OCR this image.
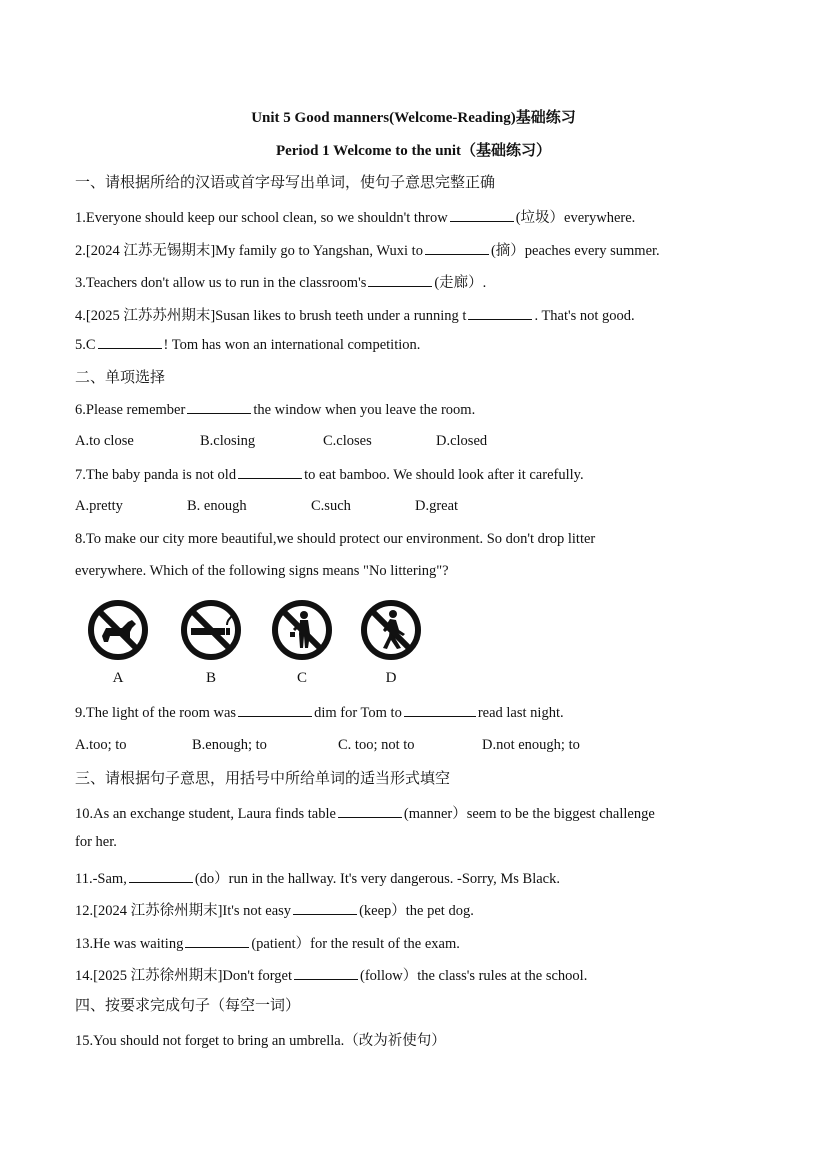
Unit 5 Good manners(Welcome-Reading)基础练习
Period 1 Welcome to the unit（基础练习）
一、请根据所给的汉语或首字母写出单词，使句子意思完整正确
1.Everyone should keep our school clean, so we shouldn't throw	(垃圾）everywhere.
2.[2024 江苏无锡期末]My family go to Yangshan, Wuxi to	(摘）peaches every summer.
3.Teachers don't allow us to run in the classroom's	(走廊）.
4.[2025 江苏苏州期末]Susan likes to brush teeth under a running t	. That's not good.
5.C	! Tom has won an international competition.
二、单项选择
6.Please remember	the window when you leave the room.
A.to close	B.closing	C.closes	D.closed
7.The baby panda is not old	to eat bamboo. We should look after it carefully.
A.pretty	B. enough	C.such	D.great
8.To make our city more beautiful,we should protect our environment. So don't drop litter
everywhere. Which of the following signs means "No littering"?
A	B	C	D
9.The light of the room was	dim for Tom to	read last night.
A.too; to	B.enough; to	C. too; not to	D.not enough; to
三、请根据句子意思，用括号中所给单词的适当形式填空
10.As an exchange student, Laura finds table	(manner）seem to be the biggest challenge
for her.
11.-Sam,	(do）run in the hallway. It's very dangerous. -Sorry, Ms Black.
12.[2024 江苏徐州期末]It's not easy	(keep）the pet dog.
13.He was waiting	(patient）for the result of the exam.
14.[2025 江苏徐州期末]Don't forget	(follow）the class's rules at the school.
四、按要求完成句子（每空一词）
15.You should not forget to bring an umbrella.（改为祈使句）
